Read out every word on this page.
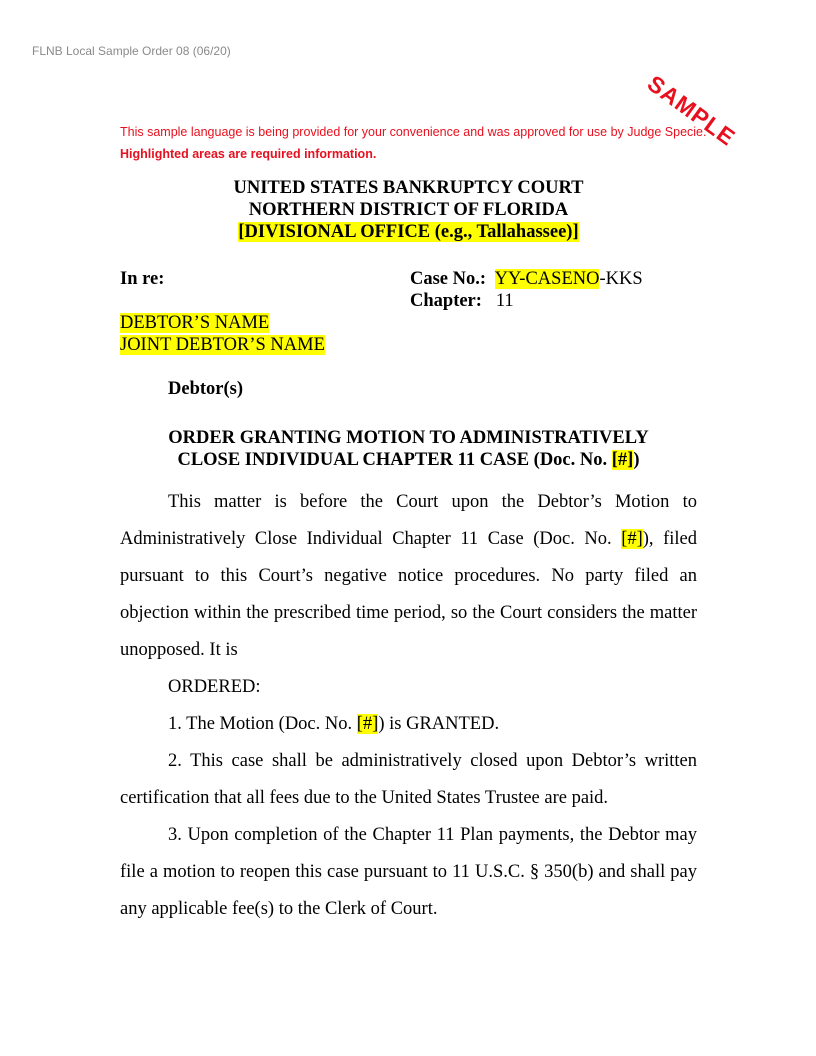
FLNB Local Sample Order 08 (06/20)
SAMPLE
This sample language is being provided for your convenience and was approved for use by Judge Specie.  Highlighted areas are required information.
UNITED STATES BANKRUPTCY COURT
NORTHERN DISTRICT OF FLORIDA
[DIVISIONAL OFFICE (e.g., Tallahassee)]
In re:	Case No.: YY-CASENO-KKS
Chapter: 11
DEBTOR’S NAME
JOINT DEBTOR’S NAME
Debtor(s)
ORDER GRANTING MOTION TO ADMINISTRATIVELY
CLOSE INDIVIDUAL CHAPTER 11 CASE (Doc. No. [#])

This matter is before the Court upon the Debtor’s Motion to Administratively Close Individual Chapter 11 Case (Doc. No. [#]), filed pursuant to this Court’s negative notice procedures. No party filed an objection within the prescribed time period, so the Court considers the matter unopposed. It is

ORDERED:

1. The Motion (Doc. No. [#]) is GRANTED.

2. This case shall be administratively closed upon Debtor’s written certification that all fees due to the United States Trustee are paid.

3. Upon completion of the Chapter 11 Plan payments, the Debtor may file a motion to reopen this case pursuant to 11 U.S.C. § 350(b) and shall pay any applicable fee(s) to the Clerk of Court.
